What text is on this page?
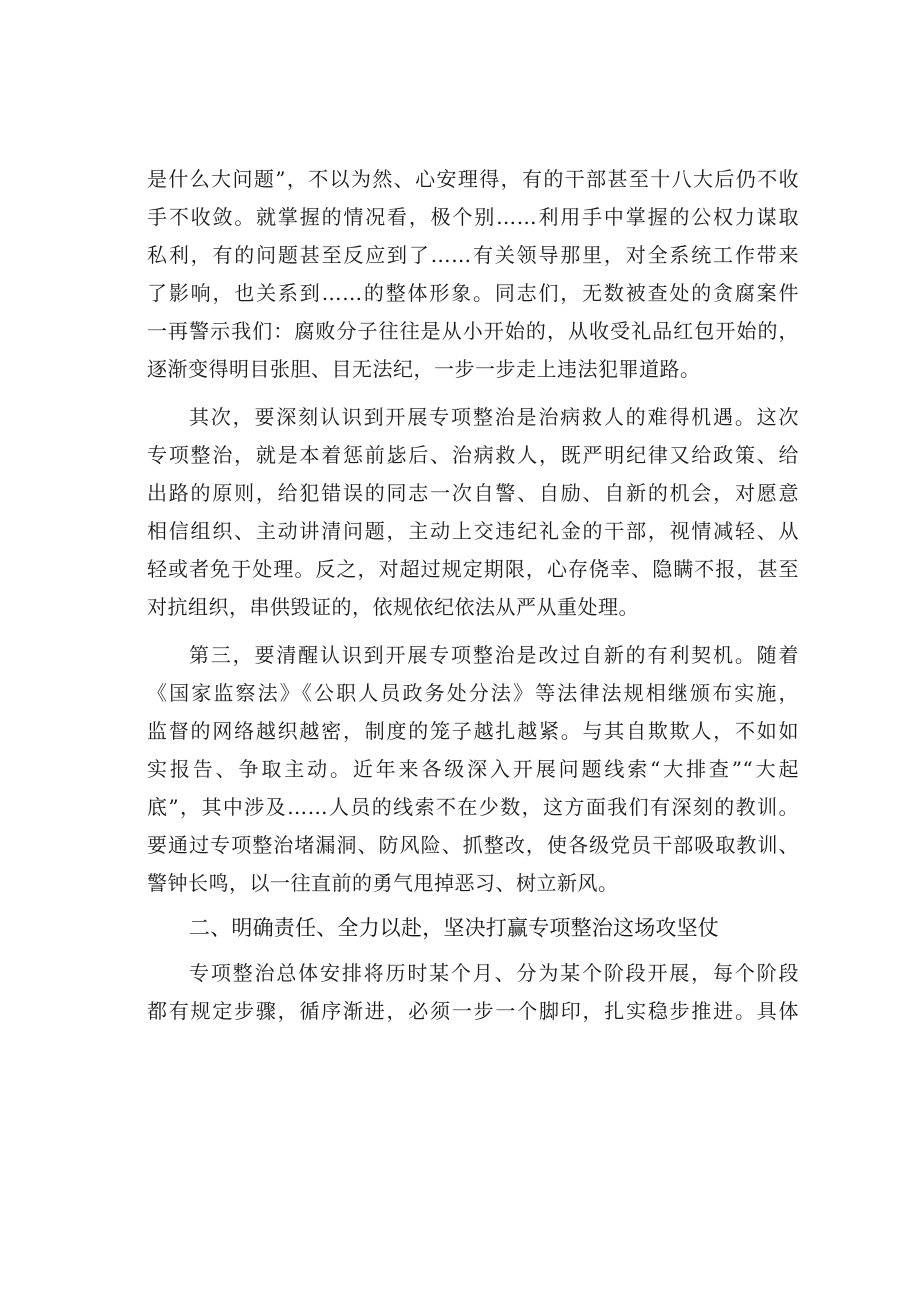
是什么大问题”，不以为然、心安理得，有的干部甚至十八大后仍不收
手不收敛。就掌握的情况看，极个别……利用手中掌握的公权力谋取
私利，有的问题甚至反应到了……有关领导那里，对全系统工作带来
了影响，也关系到……的整体形象。同志们，无数被查处的贪腐案件
一再警示我们：腐败分子往往是从小开始的，从收受礼品红包开始的，
逐渐变得明目张胆、目无法纪，一步一步走上违法犯罪道路。

其次，要深刻认识到开展专项整治是治病救人的难得机遇。这次
专项整治，就是本着惩前毖后、治病救人，既严明纪律又给政策、给
出路的原则，给犯错误的同志一次自警、自励、自新的机会，对愿意
相信组织、主动讲清问题，主动上交违纪礼金的干部，视情减轻、从
轻或者免于处理。反之，对超过规定期限，心存侥幸、隐瞒不报，甚至
对抗组织，串供毁证的，依规依纪依法从严从重处理。

第三，要清醒认识到开展专项整治是改过自新的有利契机。随着
《国家监察法》《公职人员政务处分法》等法律法规相继颁布实施，
监督的网络越织越密，制度的笼子越扎越紧。与其自欺欺人，不如如
实报告、争取主动。近年来各级深入开展问题线索“大排查”“大起
底”，其中涉及……人员的线索不在少数，这方面我们有深刻的教训。
要通过专项整治堵漏洞、防风险、抓整改，使各级党员干部吸取教训、
警钟长鸣，以一往直前的勇气甩掉恶习、树立新风。

二、明确责任、全力以赴，坚决打赢专项整治这场攻坚仗

专项整治总体安排将历时某个月、分为某个阶段开展，每个阶段
都有规定步骤，循序渐进，必须一步一个脚印，扎实稳步推进。具体
